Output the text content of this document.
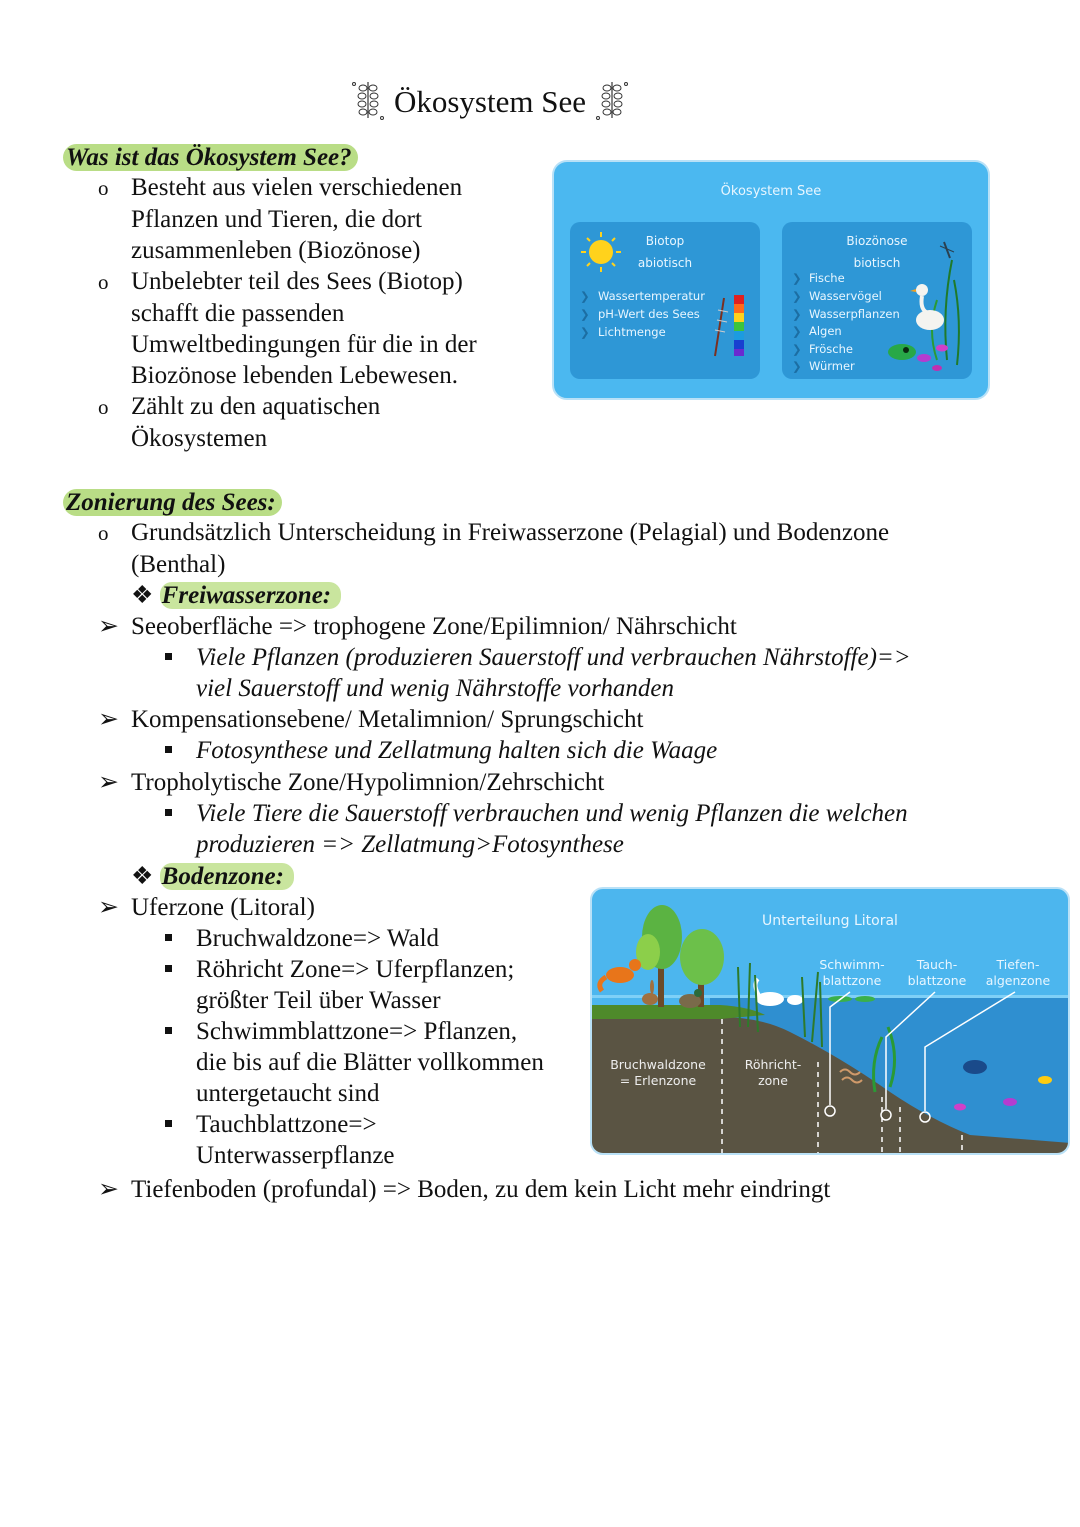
Ökosystem See
Was ist das Ökosystem See?
o Besteht aus vielen verschiedenen
Pflanzen und Tieren, die dort
zusammenleben (Biozönose)
o Unbelebter teil des Sees (Biotop)
schafft die passenden
Umweltbedingungen für die in der
Biozönose lebenden Lebewesen.
o Zählt zu den aquatischen
Ökosystemen
Ökosystem See
Biotop
abiotisch
❯ Wassertemperatur
❯ pH-Wert des Sees
❯ Lichtmenge
Biozönose
biotisch
❯ Fische
❯ Wasservögel
❯ Wasserpflanzen
❯ Algen
❯ Frösche
❯ Würmer
Zonierung des Sees:
o Grundsätzlich Unterscheidung in Freiwasserzone (Pelagial) und Bodenzone
(Benthal)
❖ Freiwasserzone:
➢ Seeoberfläche => trophogene Zone/Epilimnion/ Nährschicht
Viele Pflanzen (produzieren Sauerstoff und verbrauchen Nährstoffe)=>
viel Sauerstoff und wenig Nährstoffe vorhanden
➢ Kompensationsebene/ Metalimnion/ Sprungschicht
Fotosynthese und Zellatmung halten sich die Waage
➢ Tropholytische Zone/Hypolimnion/Zehrschicht
Viele Tiere die Sauerstoff verbrauchen und wenig Pflanzen die welchen
produzieren => Zellatmung>Fotosynthese
❖ Bodenzone:
➢ Uferzone (Litoral)
Bruchwaldzone=> Wald
Röhricht Zone=> Uferpflanzen;
größter Teil über Wasser
Schwimmblattzone=> Pflanzen,
die bis auf die Blätter vollkommen
untergetaucht sind
Tauchblattzone=>
Unterwasserpflanze
➢ Tiefenboden (profundal) => Boden, zu dem kein Licht mehr eindringt
Unterteilung Litoral
Schwimm-
blattzone
Tauch-
blattzone
Tiefen-
algenzone
Bruchwaldzone
= Erlenzone
Röhricht-
zone
